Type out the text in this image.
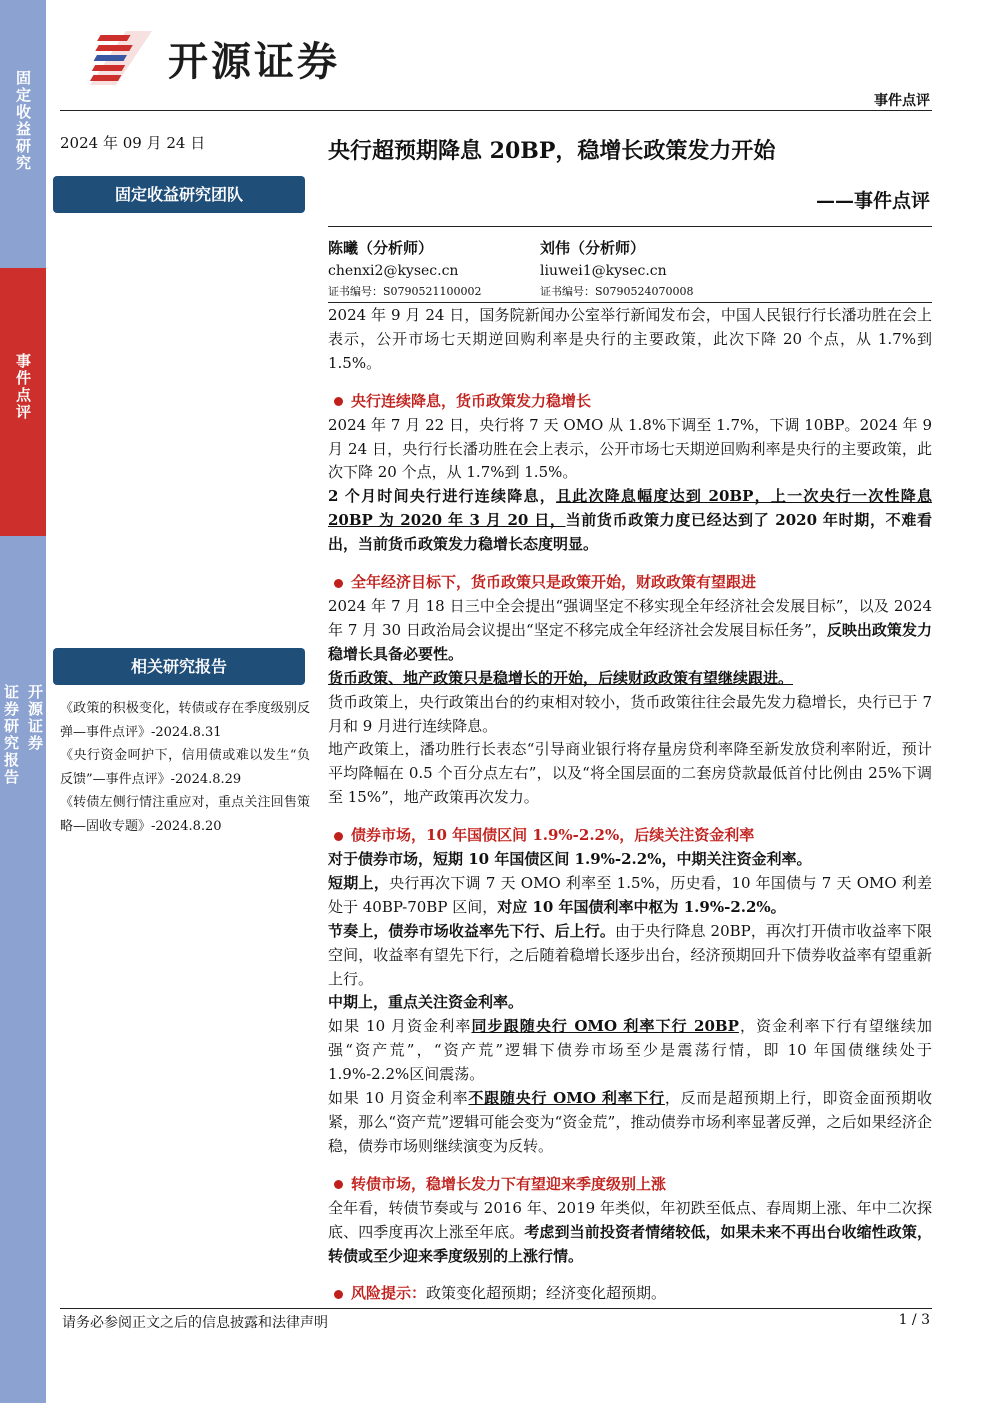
固定收益研究
事件点评
开源证券
证券研究报告
开源证券
事件点评
2024 年 09 月 24 日
固定收益研究团队
相关研究报告

《政策的积极变化，转债或存在季度级别反弹—事件点评》-2024.8.31

《央行资金呵护下，信用债或难以发生“负反馈”—事件点评》-2024.8.29

《转债左侧行情注重应对，重点关注回售策略—固收专题》-2024.8.20

央行超预期降息 20BP，稳增长政策发力开始
——事件点评
陈曦（分析师）
chenxi2@kysec.cn
证书编号：S0790521100002
刘伟（分析师）
liuwei1@kysec.cn
证书编号：S0790524070008

2024 年 9 月 24 日，国务院新闻办公室举行新闻发布会，中国人民银行行长潘功胜在会上表示，公开市场七天期逆回购利率是央行的主要政策，此次下降 20 个点，从 1.7%到 1.5%。

央行连续降息，货币政策发力稳增长

2024 年 7 月 22 日，央行将 7 天 OMO 从 1.8%下调至 1.7%，下调 10BP。2024 年 9 月 24 日，央行行长潘功胜在会上表示，公开市场七天期逆回购利率是央行的主要政策，此次下降 20 个点，从 1.7%到 1.5%。

2 个月时间央行进行连续降息，且此次降息幅度达到 20BP，上一次央行一次性降息 20BP 为 2020 年 3 月 20 日，当前货币政策力度已经达到了 2020 年时期，不难看出，当前货币政策发力稳增长态度明显。

全年经济目标下，货币政策只是政策开始，财政政策有望跟进

2024 年 7 月 18 日三中全会提出“强调坚定不移实现全年经济社会发展目标”，以及 2024 年 7 月 30 日政治局会议提出“坚定不移完成全年经济社会发展目标任务”，反映出政策发力稳增长具备必要性。

货币政策、地产政策只是稳增长的开始，后续财政政策有望继续跟进。

货币政策上，央行政策出台的约束相对较小，货币政策往往会最先发力稳增长，央行已于 7 月和 9 月进行连续降息。

地产政策上，潘功胜行长表态“引导商业银行将存量房贷利率降至新发放贷利率附近，预计平均降幅在 0.5 个百分点左右”，以及“将全国层面的二套房贷款最低首付比例由 25%下调至 15%”，地产政策再次发力。

债券市场，10 年国债区间 1.9%-2.2%，后续关注资金利率

对于债券市场，短期 10 年国债区间 1.9%-2.2%，中期关注资金利率。

短期上，央行再次下调 7 天 OMO 利率至 1.5%，历史看，10 年国债与 7 天 OMO 利差处于 40BP-70BP 区间，对应 10 年国债利率中枢为 1.9%-2.2%。

节奏上，债券市场收益率先下行、后上行。由于央行降息 20BP，再次打开债市收益率下限空间，收益率有望先下行，之后随着稳增长逐步出台，经济预期回升下债券收益率有望重新上行。

中期上，重点关注资金利率。

如果 10 月资金利率同步跟随央行 OMO 利率下行 20BP，资金利率下行有望继续加强“资产荒”，“资产荒”逻辑下债券市场至少是震荡行情，即 10 年国债继续处于 1.9%-2.2%区间震荡。

如果 10 月资金利率不跟随央行 OMO 利率下行，反而是超预期上行，即资金面预期收紧，那么“资产荒”逻辑可能会变为“资金荒”，推动债券市场利率显著反弹，之后如果经济企稳，债券市场则继续演变为反转。

转债市场，稳增长发力下有望迎来季度级别上涨

全年看，转债节奏或与 2016 年、2019 年类似，年初跌至低点、春周期上涨、年中二次探底、四季度再次上涨至年底。考虑到当前投资者情绪较低，如果未来不再出台收缩性政策，转债或至少迎来季度级别的上涨行情。

风险提示： 政策变化超预期；经济变化超预期。

请务必参阅正文之后的信息披露和法律声明	1 / 3
